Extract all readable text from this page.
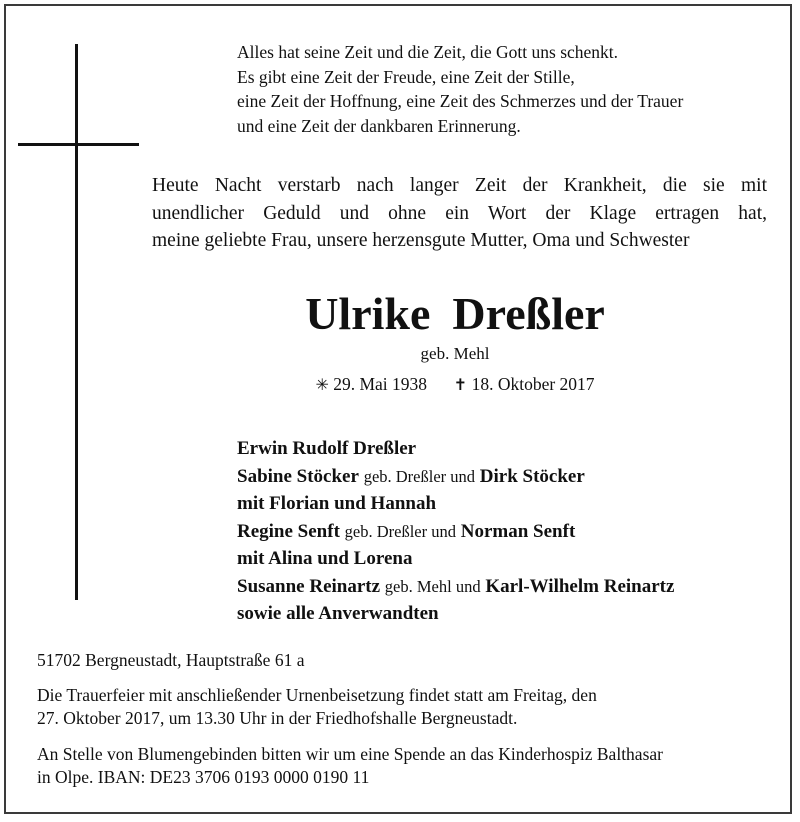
Alles hat seine Zeit und die Zeit, die Gott uns schenkt.
Es gibt eine Zeit der Freude, eine Zeit der Stille,
eine Zeit der Hoffnung, eine Zeit des Schmerzes und der Trauer
und eine Zeit der dankbaren Erinnerung.
Heute Nacht verstarb nach langer Zeit der Krankheit, die sie mit
unendlicher Geduld und ohne ein Wort der Klage ertragen hat,
meine geliebte Frau, unsere herzensgute Mutter, Oma und Schwester
Ulrike Dreßler
geb. Mehl
✳ 29. Mai 1938 ✝ 18. Oktober 2017
Erwin Rudolf Dreßler
Sabine Stöcker geb. Dreßler und Dirk Stöcker
mit Florian und Hannah
Regine Senft geb. Dreßler und Norman Senft
mit Alina und Lorena
Susanne Reinartz geb. Mehl und Karl-Wilhelm Reinartz
sowie alle Anverwandten
51702 Bergneustadt, Hauptstraße 61 a
Die Trauerfeier mit anschließender Urnenbeisetzung findet statt am Freitag, den
27. Oktober 2017, um 13.30 Uhr in der Friedhofshalle Bergneustadt.
An Stelle von Blumengebinden bitten wir um eine Spende an das Kinderhospiz Balthasar
in Olpe. IBAN: DE23 3706 0193 0000 0190 11
